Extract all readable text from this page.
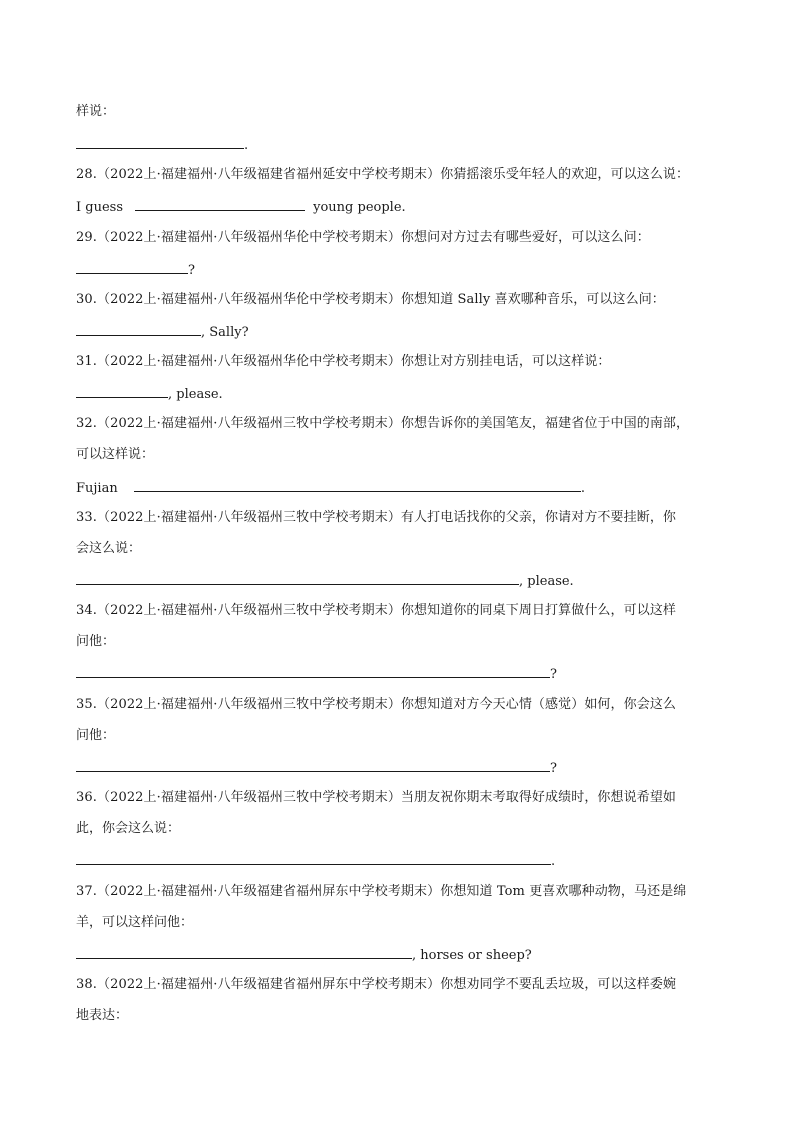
样说：
.
28.（2022上·福建福州·八年级福建省福州延安中学校考期末）你猜摇滚乐受年轻人的欢迎，可以这么说：
I guess	young people.
29.（2022上·福建福州·八年级福州华伦中学校考期末）你想问对方过去有哪些爱好，可以这么问：
?
30.（2022上·福建福州·八年级福州华伦中学校考期末）你想知道 Sally 喜欢哪种音乐，可以这么问：
, Sally?
31.（2022上·福建福州·八年级福州华伦中学校考期末）你想让对方别挂电话，可以这样说：
, please.
32.（2022上·福建福州·八年级福州三牧中学校考期末）你想告诉你的美国笔友，福建省位于中国的南部，
可以这样说：
Fujian	.
33.（2022上·福建福州·八年级福州三牧中学校考期末）有人打电话找你的父亲，你请对方不要挂断，你
会这么说：
, please.
34.（2022上·福建福州·八年级福州三牧中学校考期末）你想知道你的同桌下周日打算做什么，可以这样
问他：
?
35.（2022上·福建福州·八年级福州三牧中学校考期末）你想知道对方今天心情（感觉）如何，你会这么
问他：
?
36.（2022上·福建福州·八年级福州三牧中学校考期末）当朋友祝你期末考取得好成绩时，你想说希望如
此，你会这么说：
.
37.（2022上·福建福州·八年级福建省福州屏东中学校考期末）你想知道 Tom 更喜欢哪种动物，马还是绵
羊，可以这样问他：
, horses or sheep?
38.（2022上·福建福州·八年级福建省福州屏东中学校考期末）你想劝同学不要乱丢垃圾，可以这样委婉
地表达：
